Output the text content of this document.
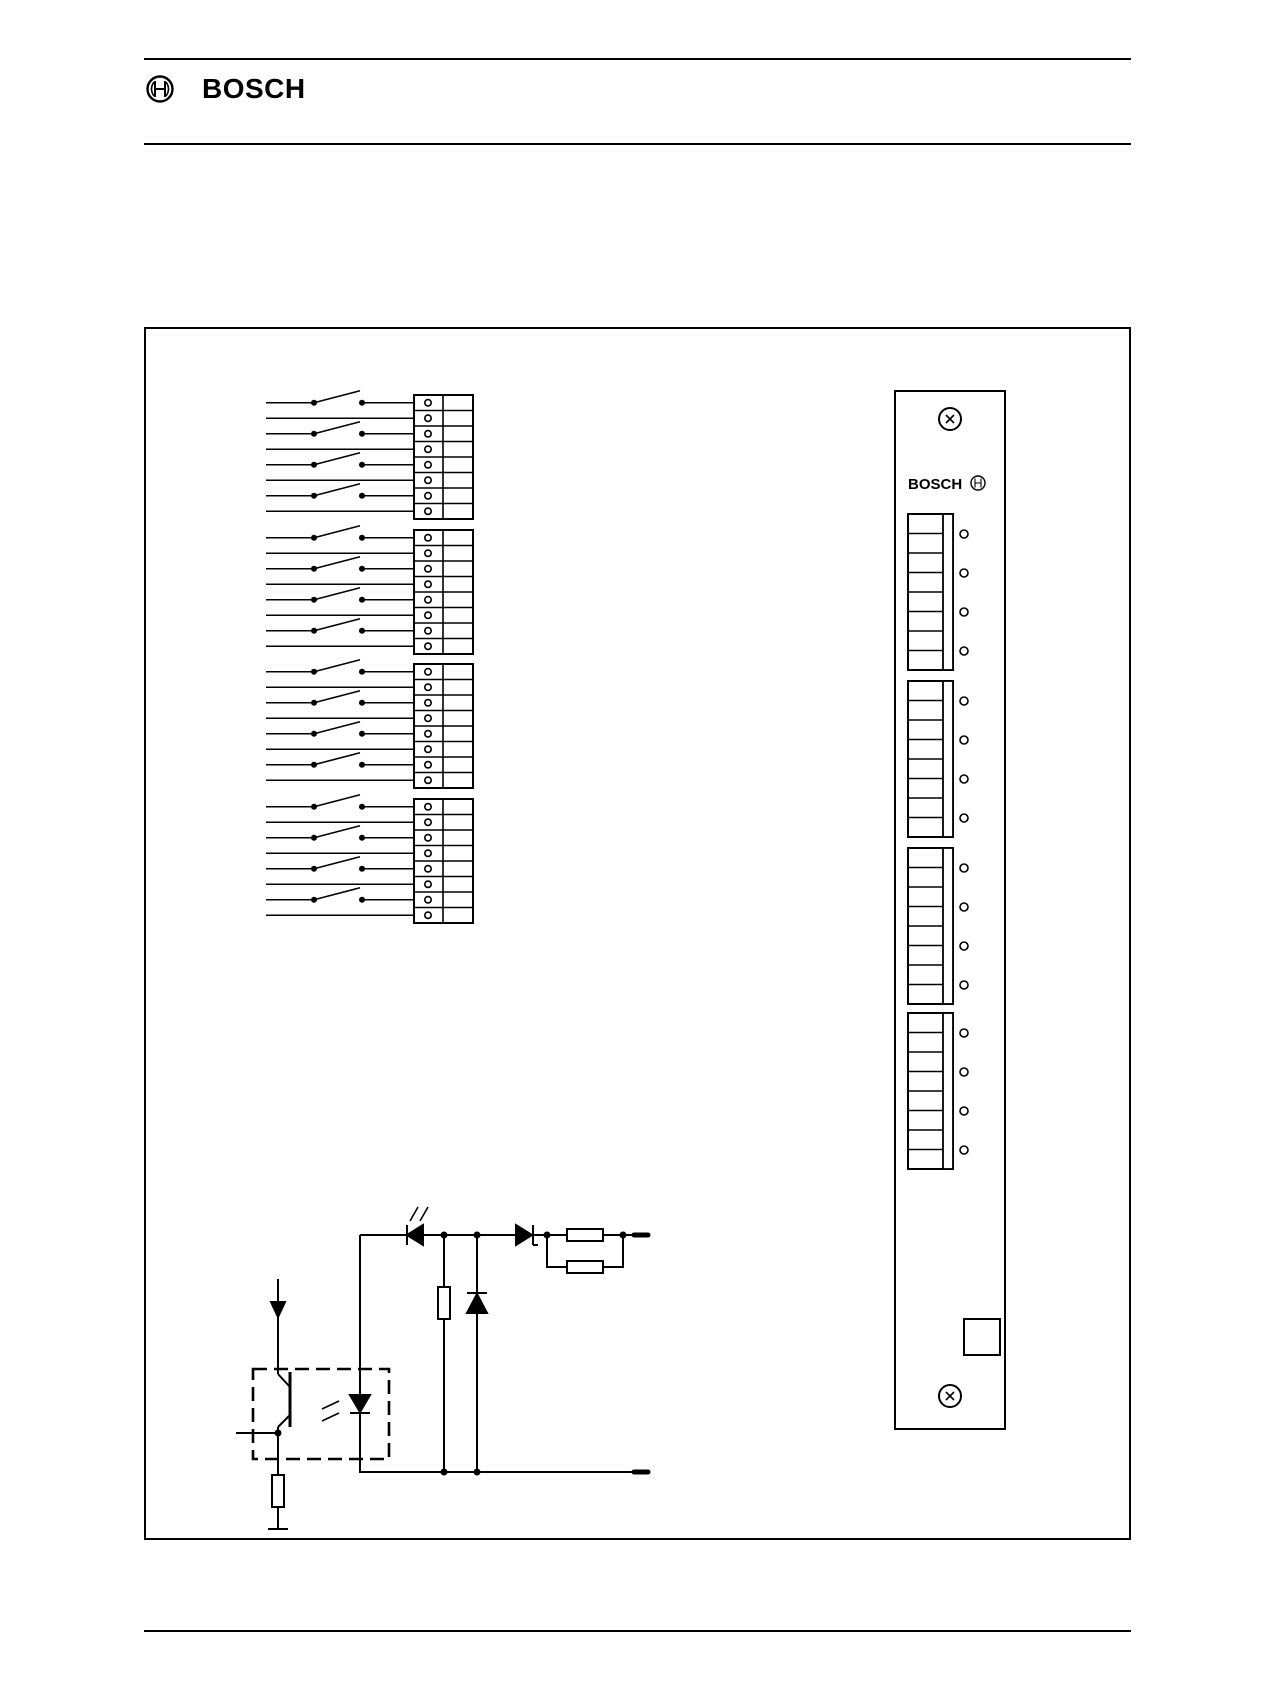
BOSCH
BOSCH
